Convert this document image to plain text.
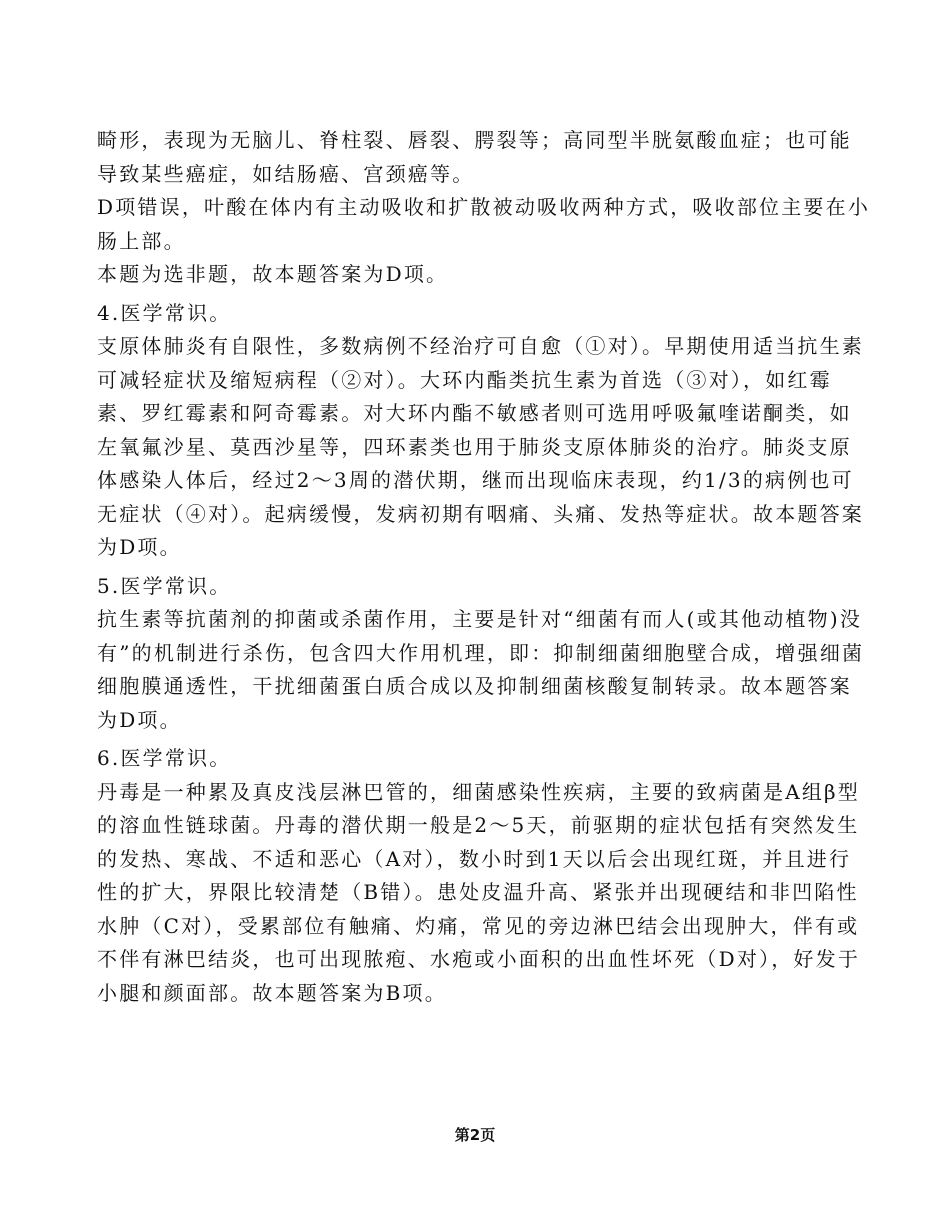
畸形，表现为无脑儿、脊柱裂、唇裂、腭裂等；高同型半胱氨酸血症；也可能导致某些癌症，如结肠癌、宫颈癌等。

D项错误，叶酸在体内有主动吸收和扩散被动吸收两种方式，吸收部位主要在小肠上部。

本题为选非题，故本题答案为D项。

4.医学常识。

支原体肺炎有自限性，多数病例不经治疗可自愈（①对）。早期使用适当抗生素可减轻症状及缩短病程（②对）。大环内酯类抗生素为首选（③对），如红霉素、罗红霉素和阿奇霉素。对大环内酯不敏感者则可选用呼吸氟喹诺酮类，如左氧氟沙星、莫西沙星等，四环素类也用于肺炎支原体肺炎的治疗。肺炎支原体感染人体后，经过2～3周的潜伏期，继而出现临床表现，约1/3的病例也可无症状（④对）。起病缓慢，发病初期有咽痛、头痛、发热等症状。故本题答案为D项。

5.医学常识。

抗生素等抗菌剂的抑菌或杀菌作用，主要是针对“细菌有而人(或其他动植物)没有”的机制进行杀伤，包含四大作用机理，即：抑制细菌细胞壁合成，增强细菌细胞膜通透性，干扰细菌蛋白质合成以及抑制细菌核酸复制转录。故本题答案为D项。

6.医学常识。

丹毒是一种累及真皮浅层淋巴管的，细菌感染性疾病，主要的致病菌是A组β型的溶血性链球菌。丹毒的潜伏期一般是2～5天，前驱期的症状包括有突然发生的发热、寒战、不适和恶心（A对），数小时到1天以后会出现红斑，并且进行性的扩大，界限比较清楚（B错）。患处皮温升高、紧张并出现硬结和非凹陷性水肿（C对），受累部位有触痛、灼痛，常见的旁边淋巴结会出现肿大，伴有或不伴有淋巴结炎，也可出现脓疱、水疱或小面积的出血性坏死（D对），好发于小腿和颜面部。故本题答案为B项。

第2页
